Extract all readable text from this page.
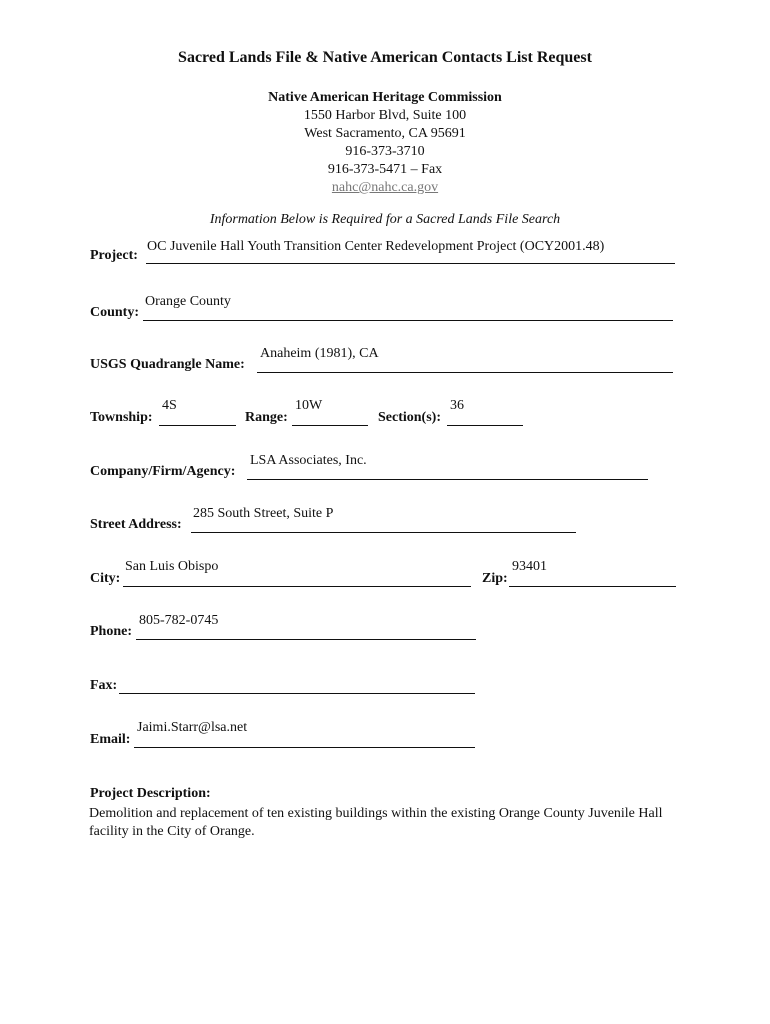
Sacred Lands File & Native American Contacts List Request
Native American Heritage Commission
1550 Harbor Blvd, Suite 100
West Sacramento, CA 95691
916-373-3710
916-373-5471 – Fax
nahc@nahc.ca.gov
Information Below is Required for a Sacred Lands File Search
Project:
OC Juvenile Hall Youth Transition Center Redevelopment Project (OCY2001.48)
County:
Orange County
USGS Quadrangle Name:
Anaheim (1981), CA
Township:
4S
Range:
10W
Section(s):
36
Company/Firm/Agency:
LSA Associates, Inc.
Street Address:
285 South Street, Suite P
City:
San Luis Obispo
Zip:
93401
Phone:
805-782-0745
Fax:
Email:
Jaimi.Starr@lsa.net
Project Description:
Demolition and replacement of ten existing buildings within the existing Orange County Juvenile Hall facility in the City of Orange.
